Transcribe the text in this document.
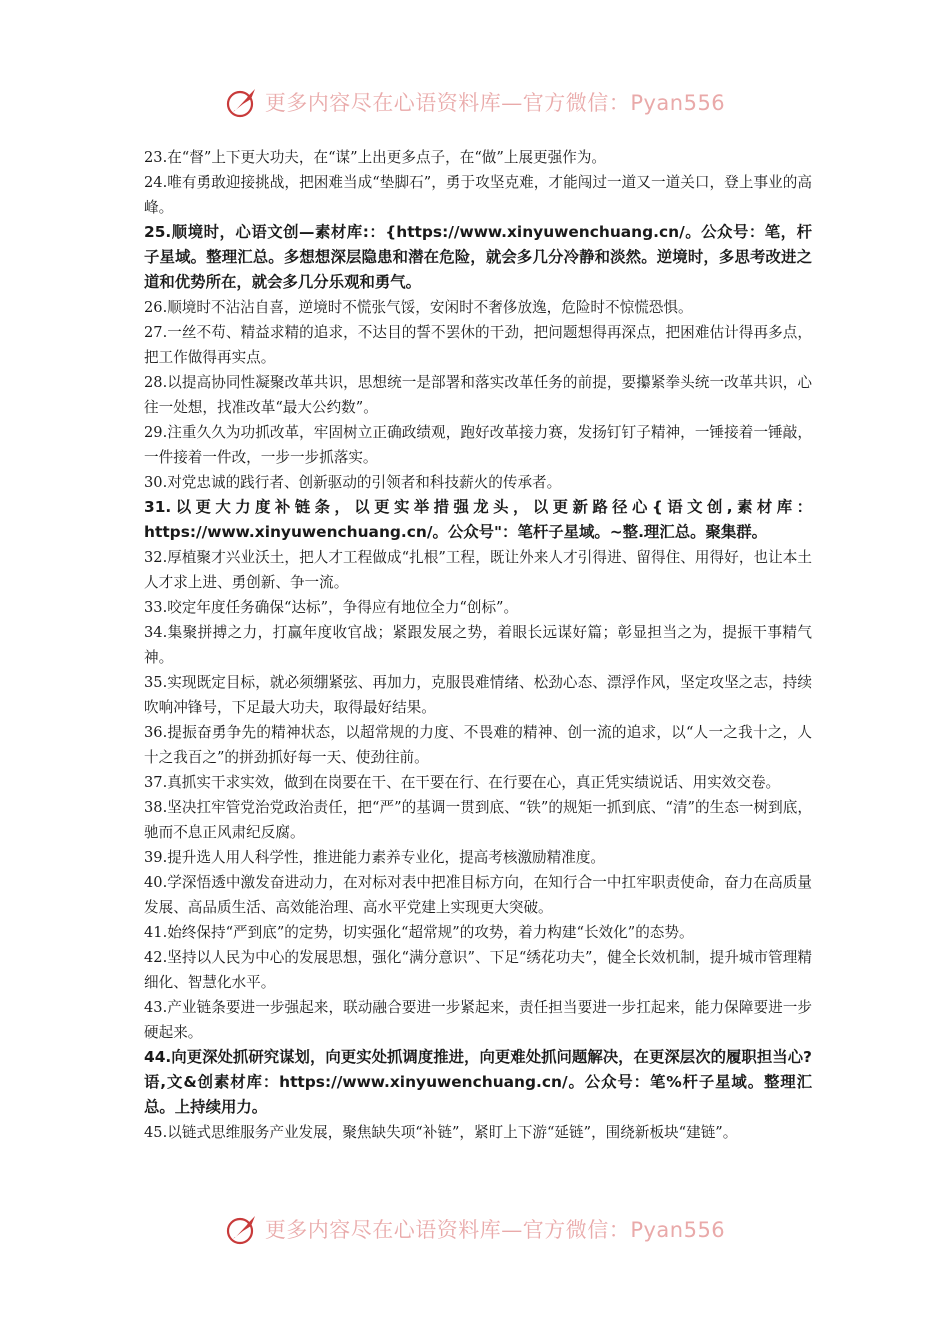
更多内容尽在心语资料库—官方微信：Pyan556

23.在“督”上下更大功夫，在“谋”上出更多点子，在“做”上展更强作为。

24.唯有勇敢迎接挑战，把困难当成“垫脚石”，勇于攻坚克难，才能闯过一道又一道关口，登上事业的高峰。

25.顺境时，心语文创—素材库:：{https://www.xinyuwenchuang.cn/。公众号：笔，杆子星域。整理汇总。多想想深层隐患和潜在危险，就会多几分冷静和淡然。逆境时，多思考改进之道和优势所在，就会多几分乐观和勇气。

26.顺境时不沾沾自喜，逆境时不慌张气馁，安闲时不奢侈放逸，危险时不惊慌恐惧。

27.一丝不苟、精益求精的追求，不达目的誓不罢休的干劲，把问题想得再深点，把困难估计得再多点，把工作做得再实点。

28.以提高协同性凝聚改革共识，思想统一是部署和落实改革任务的前提，要攥紧拳头统一改革共识，心往一处想，找准改革“最大公约数”。

29.注重久久为功抓改革，牢固树立正确政绩观，跑好改革接力赛，发扬钉钉子精神，一锤接着一锤敲，一件接着一件改，一步一步抓落实。

30.对党忠诚的践行者、创新驱动的引领者和科技薪火的传承者。

31.以更大力度补链条，以更实举措强龙头，以更新路径心{语文创,素材库：https://www.xinyuwenchuang.cn/。公众号"：笔杆子星域。~整.理汇总。聚集群。

32.厚植聚才兴业沃土，把人才工程做成“扎根”工程，既让外来人才引得进、留得住、用得好，也让本土人才求上进、勇创新、争一流。

33.咬定年度任务确保“达标”，争得应有地位全力“创标”。

34.集聚拼搏之力，打赢年度收官战；紧跟发展之势，着眼长远谋好篇；彰显担当之为，提振干事精气神。

35.实现既定目标，就必须绷紧弦、再加力，克服畏难情绪、松劲心态、漂浮作风，坚定攻坚之志，持续吹响冲锋号，下足最大功夫，取得最好结果。

36.提振奋勇争先的精神状态，以超常规的力度、不畏难的精神、创一流的追求，以“人一之我十之，人十之我百之”的拼劲抓好每一天、使劲往前。

37.真抓实干求实效，做到在岗要在干、在干要在行、在行要在心，真正凭实绩说话、用实效交卷。

38.坚决扛牢管党治党政治责任，把“严”的基调一贯到底、“铁”的规矩一抓到底、“清”的生态一树到底，驰而不息正风肃纪反腐。

39.提升选人用人科学性，推进能力素养专业化，提高考核激励精准度。

40.学深悟透中激发奋进动力，在对标对表中把准目标方向，在知行合一中扛牢职责使命，奋力在高质量发展、高品质生活、高效能治理、高水平党建上实现更大突破。

41.始终保持“严到底”的定势，切实强化“超常规”的攻势，着力构建“长效化”的态势。

42.坚持以人民为中心的发展思想，强化“满分意识”、下足“绣花功夫”，健全长效机制，提升城市管理精细化、智慧化水平。

43.产业链条要进一步强起来，联动融合要进一步紧起来，责任担当要进一步扛起来，能力保障要进一步硬起来。

44.向更深处抓研究谋划，向更实处抓调度推进，向更难处抓问题解决，在更深层次的履职担当心?语,文&创素材库：https://www.xinyuwenchuang.cn/。公众号：笔%杆子星域。整理汇总。上持续用力。

45.以链式思维服务产业发展，聚焦缺失项“补链”，紧盯上下游“延链”，围绕新板块“建链”。

更多内容尽在心语资料库—官方微信：Pyan556
